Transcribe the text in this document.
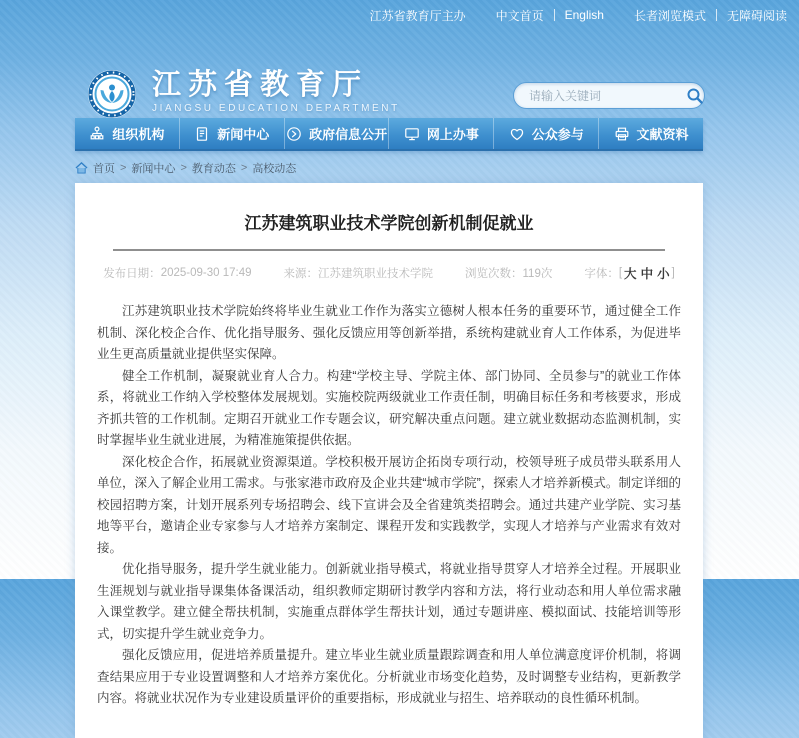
江苏省教育厅主办	中文首页 English	长者浏览模式 无障碍阅读
江苏省教育厅
JIANGSU EDUCATION DEPARTMENT
请输入关键词
组织机构	新闻中心	政府信息公开	网上办事	公众参与	文献资料
首页 > 新闻中心 > 教育动态 > 高校动态
江苏建筑职业技术学院创新机制促就业
发布日期： 2025-09-30 17:49	来源： 江苏建筑职业技术学院	浏览次数： 119次	字体： [ 大 中 小 ]

江苏建筑职业技术学院始终将毕业生就业工作作为落实立德树人根本任务的重要环节，通过健全工作机制、深化校企合作、优化指导服务、强化反馈应用等创新举措，系统构建就业育人工作体系，为促进毕业生更高质量就业提供坚实保障。

健全工作机制，凝聚就业育人合力。构建“学校主导、学院主体、部门协同、全员参与”的就业工作体系，将就业工作纳入学校整体发展规划。实施校院两级就业工作责任制，明确目标任务和考核要求，形成齐抓共管的工作机制。定期召开就业工作专题会议，研究解决重点问题。建立就业数据动态监测机制，实时掌握毕业生就业进展，为精准施策提供依据。

深化校企合作，拓展就业资源渠道。学校积极开展访企拓岗专项行动，校领导班子成员带头联系用人单位，深入了解企业用工需求。与张家港市政府及企业共建“城市学院”，探索人才培养新模式。制定详细的校园招聘方案，计划开展系列专场招聘会、线下宣讲会及全省建筑类招聘会。通过共建产业学院、实习基地等平台，邀请企业专家参与人才培养方案制定、课程开发和实践教学，实现人才培养与产业需求有效对接。

优化指导服务，提升学生就业能力。创新就业指导模式，将就业指导贯穿人才培养全过程。开展职业生涯规划与就业指导课集体备课活动，组织教师定期研讨教学内容和方法，将行业动态和用人单位需求融入课堂教学。建立健全帮扶机制，实施重点群体学生帮扶计划，通过专题讲座、模拟面试、技能培训等形式，切实提升学生就业竞争力。

强化反馈应用，促进培养质量提升。建立毕业生就业质量跟踪调查和用人单位满意度评价机制，将调查结果应用于专业设置调整和人才培养方案优化。分析就业市场变化趋势，及时调整专业结构，更新教学内容。将就业状况作为专业建设质量评价的重要指标，形成就业与招生、培养联动的良性循环机制。
